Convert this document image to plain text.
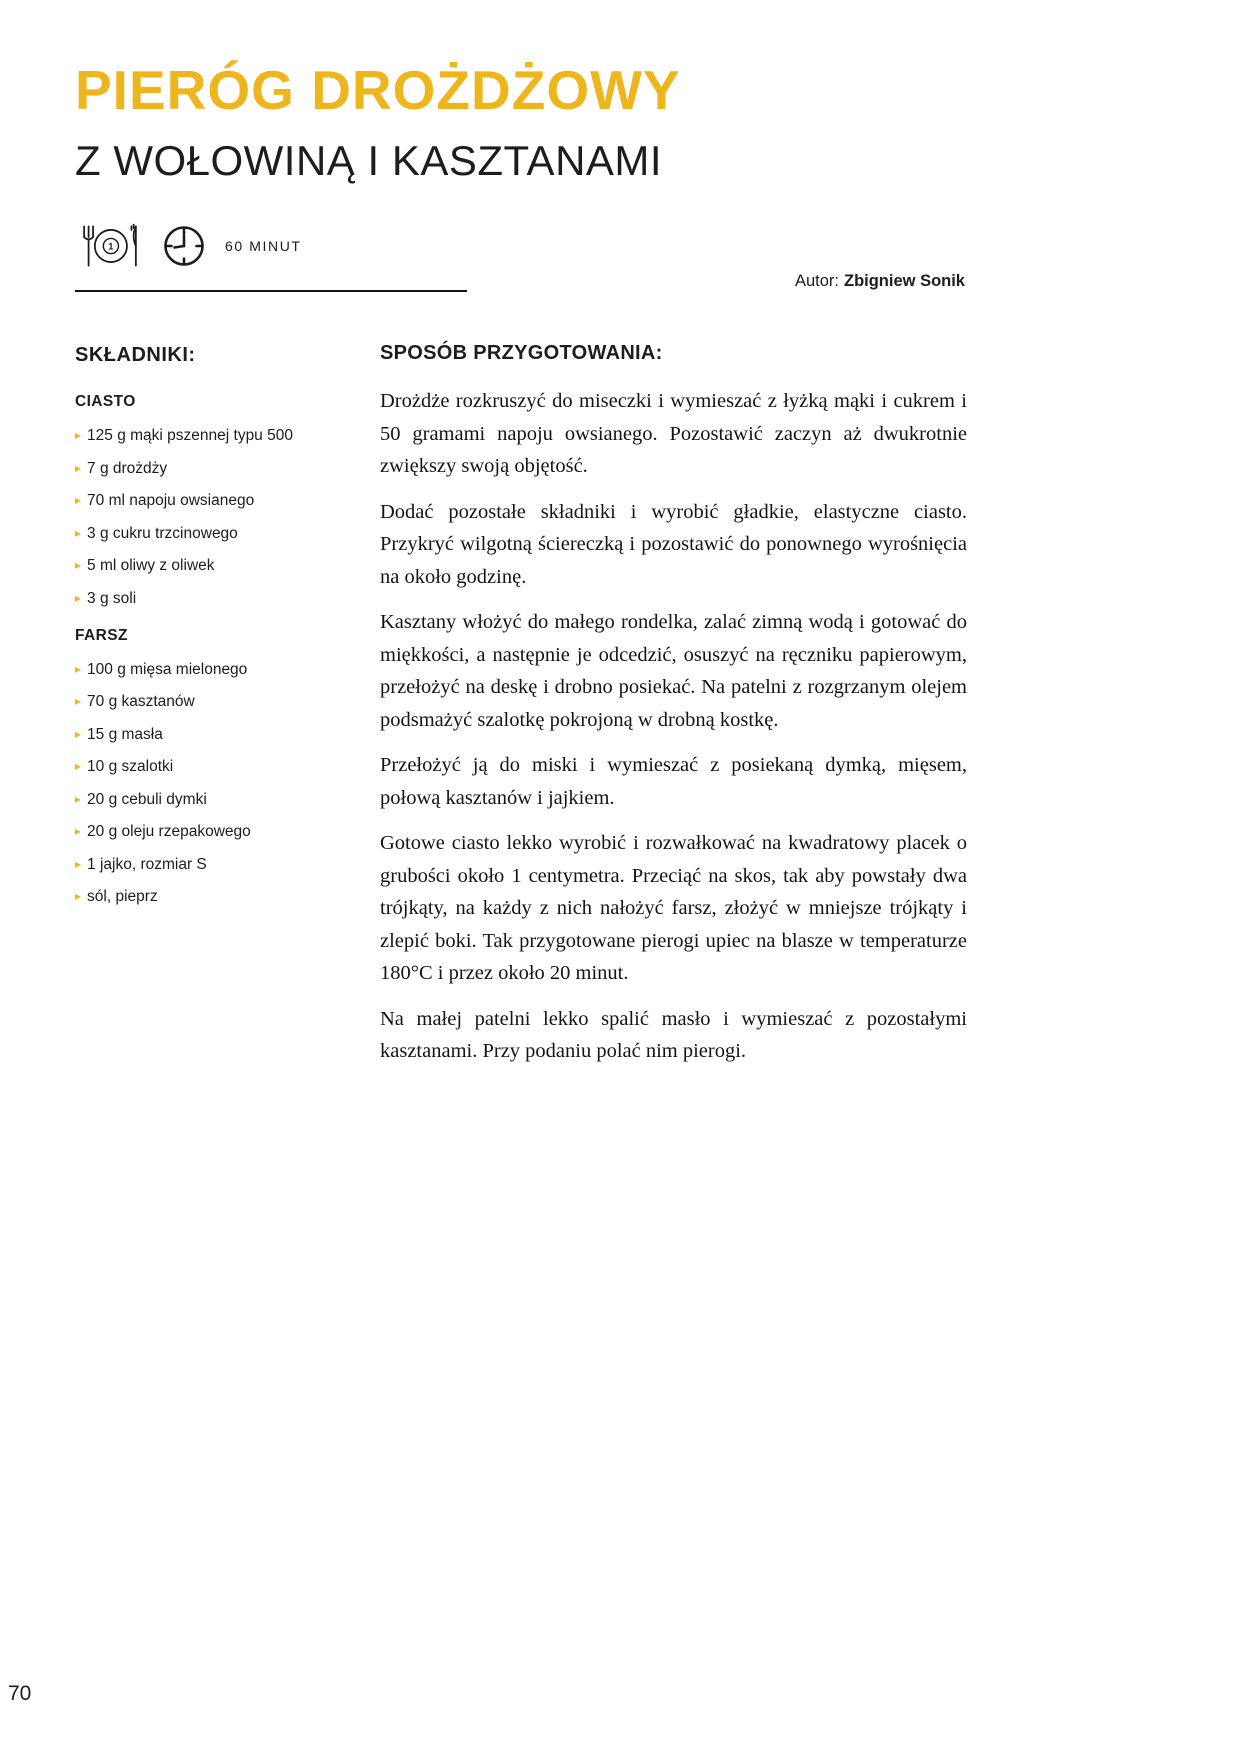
PIERÓG DROŻDŻOWY
Z WOŁOWINĄ I KASZTANAMI
1	60 MINUT
Autor: Zbigniew Sonik
SKŁADNIKI:
CIASTO
▸ 125 g mąki pszennej typu 500
▸ 7 g drożdży
▸ 70 ml napoju owsianego
▸ 3 g cukru trzcinowego
▸ 5 ml oliwy z oliwek
▸ 3 g soli
FARSZ
▸ 100 g mięsa mielonego
▸ 70 g kasztanów
▸ 15 g masła
▸ 10 g szalotki
▸ 20 g cebuli dymki
▸ 20 g oleju rzepakowego
▸ 1 jajko, rozmiar S
▸ sól, pieprz
SPOSÓB PRZYGOTOWANIA:

Drożdże rozkruszyć do miseczki i wymieszać z łyżką mąki i cukrem i 50 gramami napoju owsianego. Pozostawić zaczyn aż dwukrotnie zwiększy swoją objętość.

Dodać pozostałe składniki i wyrobić gładkie, elastyczne ciasto. Przykryć wilgotną ściereczką i pozostawić do ponownego wyrośnięcia na około godzinę.

Kasztany włożyć do małego rondelka, zalać zimną wodą i gotować do miękkości, a następnie je odcedzić, osuszyć na ręczniku papierowym, przełożyć na deskę i drobno posiekać. Na patelni z rozgrzanym olejem podsmażyć szalotkę pokrojoną w drobną kostkę.

Przełożyć ją do miski i wymieszać z posiekaną dymką, mięsem, połową kasztanów i jajkiem.

Gotowe ciasto lekko wyrobić i rozwałkować na kwadratowy placek o grubości około 1 centymetra. Przeciąć na skos, tak aby powstały dwa trójkąty, na każdy z nich nałożyć farsz, złożyć w mniejsze trójkąty i zlepić boki. Tak przygotowane pierogi upiec na blasze w temperaturze 180°C i przez około 20 minut.

Na małej patelni lekko spalić masło i wymieszać z pozostałymi kasztanami. Przy podaniu polać nim pierogi.

70
